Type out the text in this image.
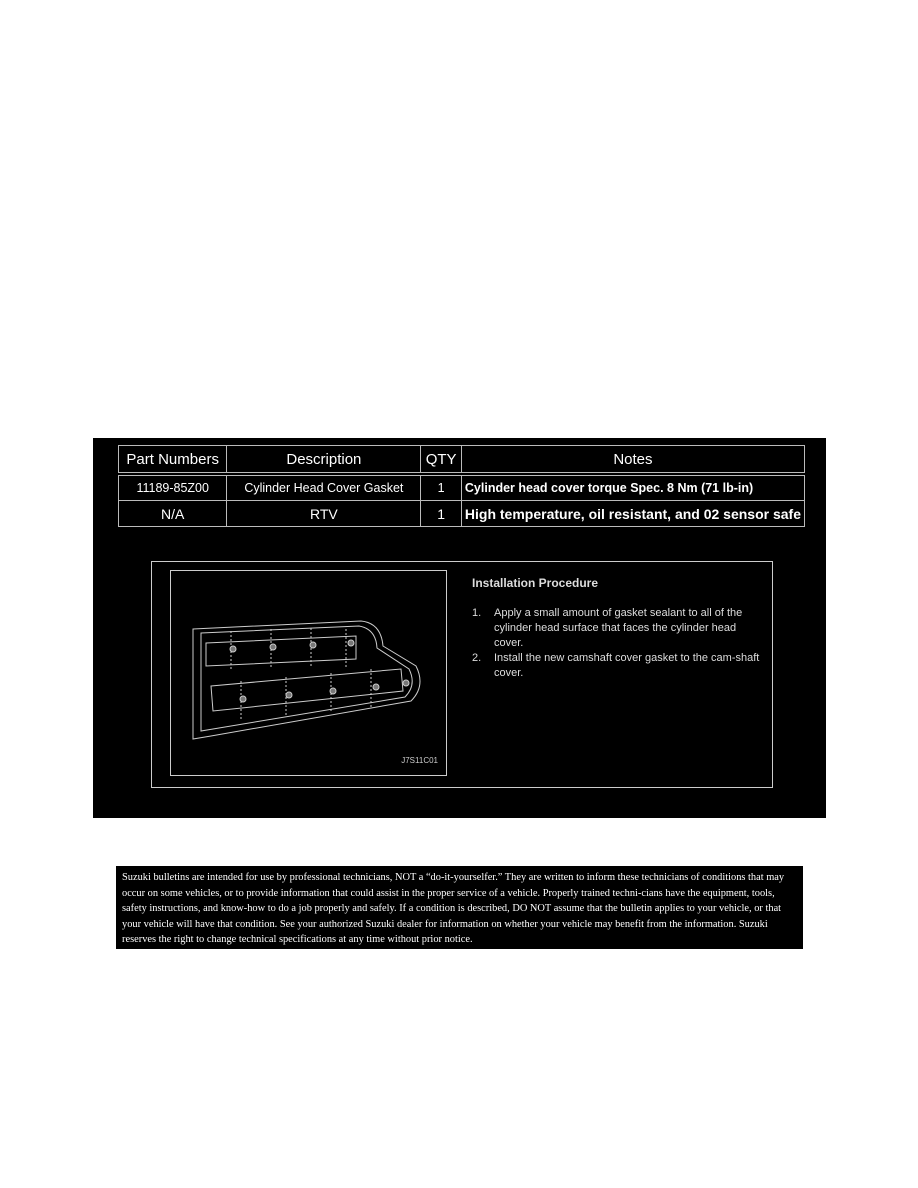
Part Numbers	Description	QTY	Notes
11189-85Z00	Cylinder Head Cover Gasket	1	Cylinder head cover torque Spec. 8 Nm (71 lb-in)
N/A	RTV	1	High temperature, oil resistant, and 02 sensor safe
J7S11C01
Installation Procedure
1.	Apply a small amount of gasket sealant to all of the cylinder head surface that faces the cylinder head cover.
2.	Install the new camshaft cover gasket to the cam-shaft cover.
Suzuki bulletins are intended for use by professional technicians, NOT a “do-it-yourselfer.” They are written to inform these technicians of conditions that may occur on some vehicles, or to provide information that could assist in the proper service of a vehicle. Properly trained techni-cians have the equipment, tools, safety instructions, and know-how to do a job properly and safely. If a condition is described, DO NOT assume that the bulletin applies to your vehicle, or that your vehicle will have that condition. See your authorized Suzuki dealer for information on whether your vehicle may benefit from the information. Suzuki reserves the right to change technical specifications at any time without prior notice.
